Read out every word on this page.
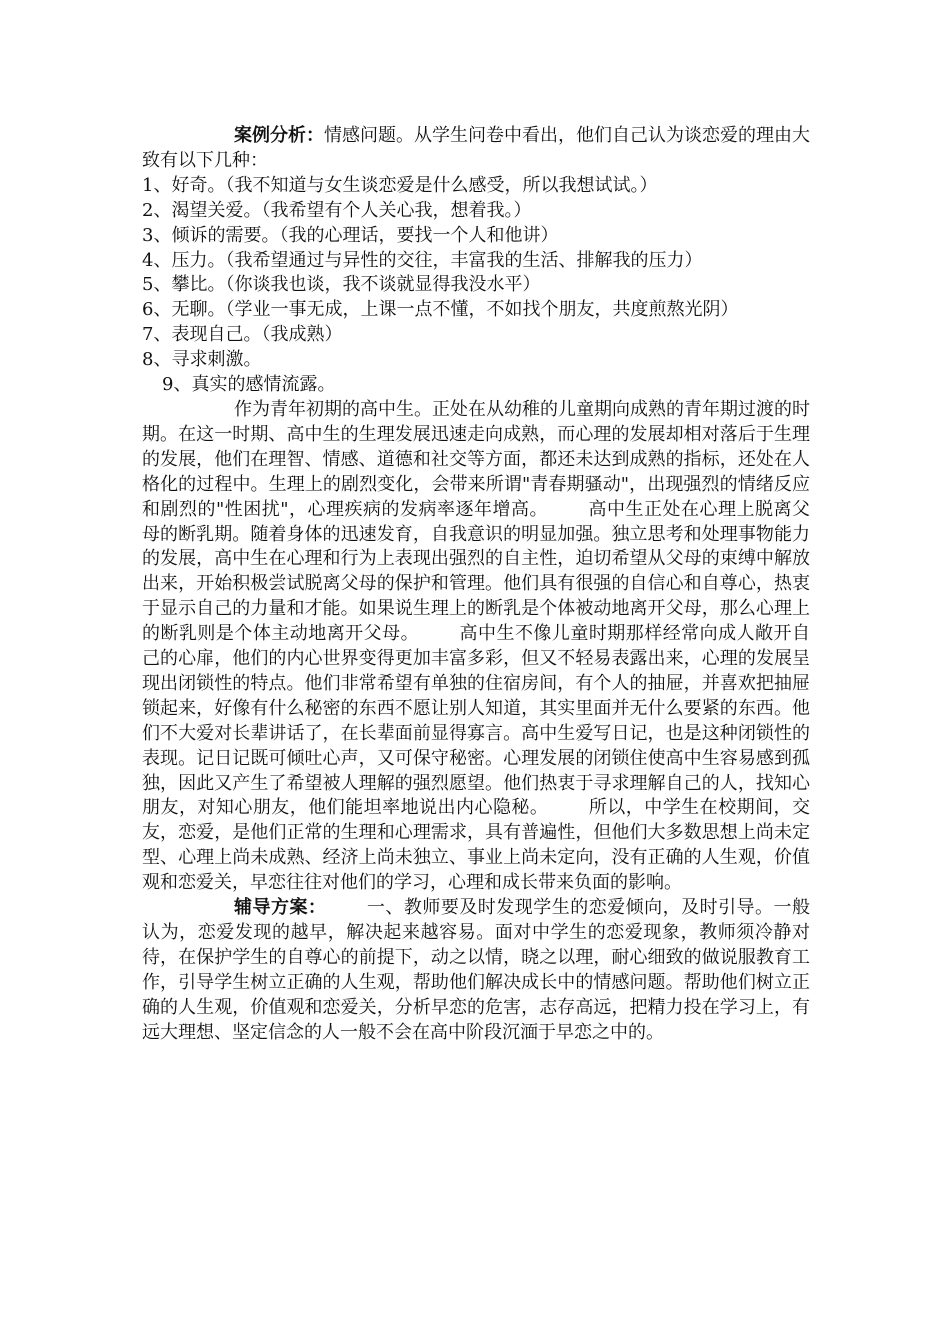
案例分析：情感问题。从学生问卷中看出，他们自己认为谈恋爱的理由大致有以下几种：

1、好奇。（我不知道与女生谈恋爱是什么感受，所以我想试试。）

2、渴望关爱。（我希望有个人关心我，想着我。）

3、倾诉的需要。（我的心理话，要找一个人和他讲）

4、压力。（我希望通过与异性的交往，丰富我的生活、排解我的压力）

5、攀比。（你谈我也谈，我不谈就显得我没水平）

6、无聊。（学业一事无成，上课一点不懂，不如找个朋友，共度煎熬光阴）

7、表现自己。（我成熟）

8、寻求刺激。

9、真实的感情流露。

作为青年初期的高中生。正处在从幼稚的儿童期向成熟的青年期过渡的时期。在这一时期、高中生的生理发展迅速走向成熟，而心理的发展却相对落后于生理的发展，他们在理智、情感、道德和社交等方面，都还未达到成熟的指标，还处在人格化的过程中。生理上的剧烈变化，会带来所谓"青春期骚动"，出现强烈的情绪反应和剧烈的"性困扰"，心理疾病的发病率逐年增高。 高中生正处在心理上脱离父母的断乳期。随着身体的迅速发育，自我意识的明显加强。独立思考和处理事物能力的发展，高中生在心理和行为上表现出强烈的自主性，迫切希望从父母的束缚中解放出来，开始积极尝试脱离父母的保护和管理。他们具有很强的自信心和自尊心，热衷于显示自己的力量和才能。如果说生理上的断乳是个体被动地离开父母，那么心理上的断乳则是个体主动地离开父母。 高中生不像儿童时期那样经常向成人敞开自己的心扉，他们的内心世界变得更加丰富多彩，但又不轻易表露出来，心理的发展呈现出闭锁性的特点。他们非常希望有单独的住宿房间，有个人的抽屉，并喜欢把抽屉锁起来，好像有什么秘密的东西不愿让别人知道，其实里面并无什么要紧的东西。他们不大爱对长辈讲话了，在长辈面前显得寡言。高中生爱写日记，也是这种闭锁性的表现。记日记既可倾吐心声，又可保守秘密。心理发展的闭锁住使高中生容易感到孤独，因此又产生了希望被人理解的强烈愿望。他们热衷于寻求理解自己的人，找知心朋友，对知心朋友，他们能坦率地说出内心隐秘。 所以，中学生在校期间，交友，恋爱，是他们正常的生理和心理需求，具有普遍性，但他们大多数思想上尚未定型、心理上尚未成熟、经济上尚未独立、事业上尚未定向，没有正确的人生观，价值观和恋爱关，早恋往往对他们的学习，心理和成长带来负面的影响。

辅导方案： 一、教师要及时发现学生的恋爱倾向，及时引导。一般认为，恋爱发现的越早，解决起来越容易。面对中学生的恋爱现象，教师须冷静对待，在保护学生的自尊心的前提下，动之以情，晓之以理，耐心细致的做说服教育工作，引导学生树立正确的人生观，帮助他们解决成长中的情感问题。帮助他们树立正确的人生观，价值观和恋爱关，分析早恋的危害，志存高远，把精力投在学习上，有远大理想、坚定信念的人一般不会在高中阶段沉湎于早恋之中的。
